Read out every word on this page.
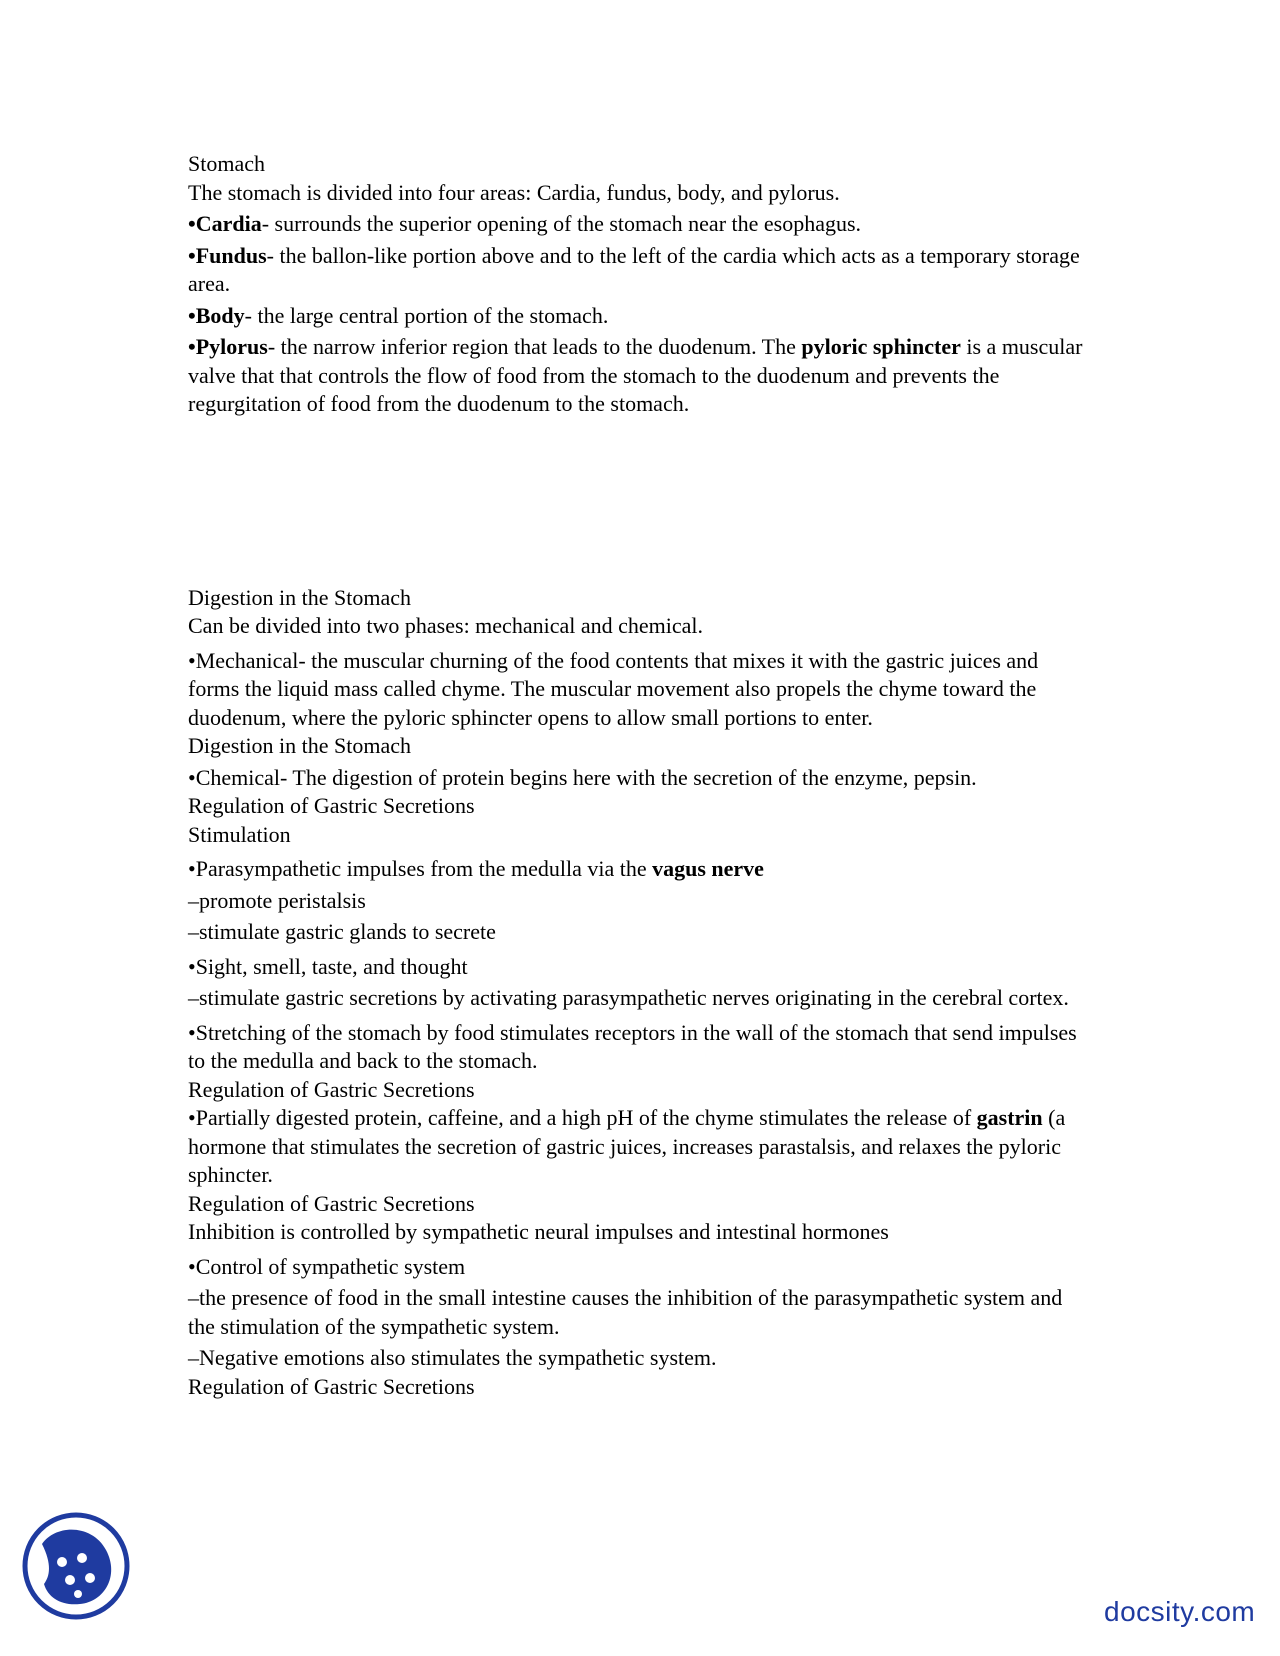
Stomach

The stomach is divided into four areas: Cardia, fundus, body, and pylorus.

•Cardia- surrounds the superior opening of the stomach near the esophagus.

•Fundus- the ballon-like portion above and to the left of the cardia which acts as a temporary storage area.

•Body- the large central portion of the stomach.

•Pylorus- the narrow inferior region that leads to the duodenum. The pyloric sphincter is a muscular valve that that controls the flow of food from the stomach to the duodenum and prevents the regurgitation of food from the duodenum to the stomach.

Digestion in the Stomach

Can be divided into two phases: mechanical and chemical.

•Mechanical- the muscular churning of the food contents that mixes it with the gastric juices and forms the liquid mass called chyme. The muscular movement also propels the chyme toward the duodenum, where the pyloric sphincter opens to allow small portions to enter.

Digestion in the Stomach

•Chemical- The digestion of protein begins here with the secretion of the enzyme, pepsin.

Regulation of Gastric Secretions

Stimulation

•Parasympathetic impulses from the medulla via the vagus nerve

–promote peristalsis

–stimulate gastric glands to secrete

•Sight, smell, taste, and thought

–stimulate gastric secretions by activating parasympathetic nerves originating in the cerebral cortex.

•Stretching of the stomach by food stimulates receptors in the wall of the stomach that send impulses to the medulla and back to the stomach.

Regulation of Gastric Secretions

•Partially digested protein, caffeine, and a high pH of the chyme stimulates the release of gastrin (a hormone that stimulates the secretion of gastric juices, increases parastalsis, and relaxes the pyloric sphincter.

Regulation of Gastric Secretions

Inhibition is controlled by sympathetic neural impulses and intestinal hormones

•Control of sympathetic system

–the presence of food in the small intestine causes the inhibition of the parasympathetic system and the stimulation of the sympathetic system.

–Negative emotions also stimulates the sympathetic system.

Regulation of Gastric Secretions

docsity.com
